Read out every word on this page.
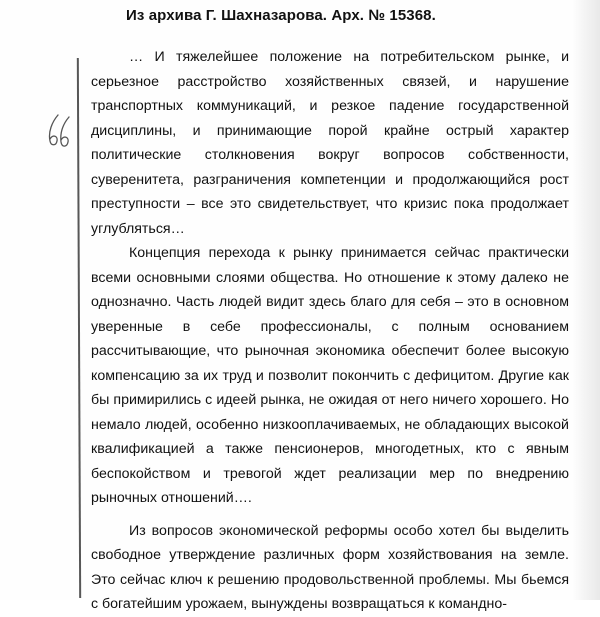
Из архива Г. Шахназарова. Арх. № 15368.

… И тяжелейшее положение на потребительском рынке, и серьезное расстройство хозяйственных связей, и нарушение транспортных коммуникаций, и резкое падение государственной дисциплины, и принимающие порой крайне острый характер политические столкновения вокруг вопросов собственности, суверенитета, разграничения компетенции и продолжающийся рост преступности – все это свидетельствует, что кризис пока продолжает углубляться…

Концепция перехода к рынку принимается сейчас практически всеми основными слоями общества. Но отношение к этому далеко не однозначно. Часть людей видит здесь благо для себя – это в основном уверенные в себе профессионалы, с полным основанием рассчитывающие, что рыночная экономика обеспечит более высокую компенсацию за их труд и позволит покончить с дефицитом. Другие как бы примирились с идеей рынка, не ожидая от него ничего хорошего. Но немало людей, особенно низкооплачиваемых, не обладающих высокой квалификацией а также пенсионеров, многодетных, кто с явным беспокойством и тревогой ждет реализации мер по внедрению рыночных отношений….

Из вопросов экономической реформы особо хотел бы выделить свободное утверждение различных форм хозяйствования на земле. Это сейчас ключ к решению продовольственной проблемы. Мы бьемся с богатейшим урожаем, вынуждены возвращаться к командно-
